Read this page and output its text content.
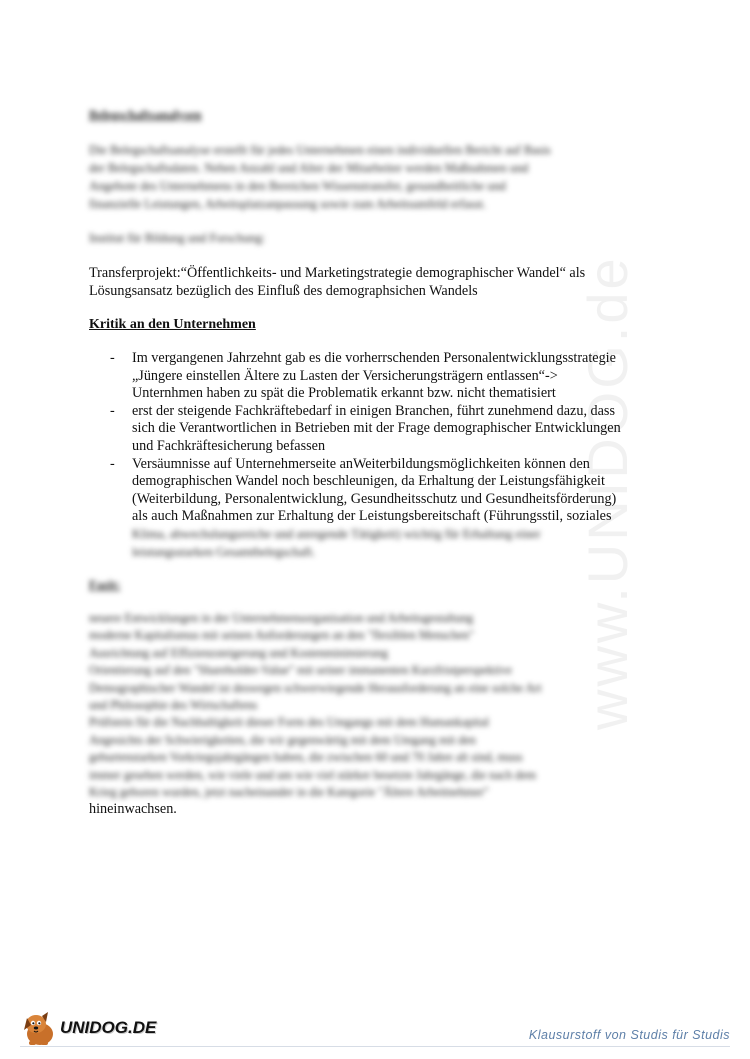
www.UNIDOG.de
Belegschaftsanalysen
Die Belegschaftsanalyse erstellt für jedes Unternehmen einen individuellen Bericht auf Basis
der Belegschaftsdaten. Neben Anzahl und Alter der Mitarbeiter werden Maßnahmen und
Angebote des Unternehmens in den Bereichen Wissenstransfer, gesundheitliche und
finanzielle Leistungen, Arbeitsplatzanpassung sowie zum Arbeitsumfeld erfasst.
Institut für Bildung und Forschung:
Transferprojekt:“Öffentlichkeits- und Marketingstrategie demographischer Wandel“ als
Lösungsansatz bezüglich des Einfluß des demographsichen Wandels
Kritik an den Unternehmen
- Im vergangenen Jahrzehnt gab es die vorherrschenden Personalentwicklungsstrategie
„Jüngere einstellen Ältere zu Lasten der Versicherungsträgern entlassen“->
Unternhmen haben zu spät die Problematik erkannt bzw. nicht thematisiert
- erst der steigende Fachkräftebedarf in einigen Branchen, führt zunehmend dazu, dass
sich die Verantwortlichen in Betrieben mit der Frage demographischer Entwicklungen
und Fachkräftesicherung befassen
- Versäumnisse auf Unternehmerseite anWeiterbildungsmöglichkeiten können den
demographischen Wandel noch beschleunigen, da Erhaltung der Leistungsfähigkeit
(Weiterbildung, Personalentwicklung, Gesundheitsschutz und Gesundheitsförderung)
als auch Maßnahmen zur Erhaltung der Leistungsbereitschaft (Führungsstil, soziales
Klima, abwechslungsreiche und anregende Tätigkeit) wichtig für Erhaltung einer
leistungsstarken Gesamtbelegschaft.
Fazit:
neuere Entwicklungen in der Unternehmensorganisation und Arbeitsgestaltung
moderne Kapitalismus mit seinen Anforderungen an den "flexiblen Menschen"
Ausrichtung auf Effizienzsteigerung und Kostenminimierung
Orientierung auf den "Shareholder-Value" mit seiner immanenten Kurzfristperspektive
Demographischer Wandel ist deswegen schwerwiegende Herausforderung an eine solche Art
und Philosophie des Wirtschaftens
Prüfstein für die Nachhaltigkeit dieser Form des Umgangs mit dem Humankapital
Angesichts der Schwierigkeiten, die wir gegenwärtig mit dem Umgang mit den
geburtenstarken Vorkriegsjahrgängen haben, die zwischen 60 und 70 Jahre alt sind, muss
immer gesehen werden, wie viele und um wie viel stärker besetzte Jahrgänge, die nach dem
Krieg geboren wurden, jetzt nacheinander in die Kategorie "Ältere Arbeitnehmer"
hineinwachsen.
UNIDOG.DE	Klausurstoff von Studis für Studis
